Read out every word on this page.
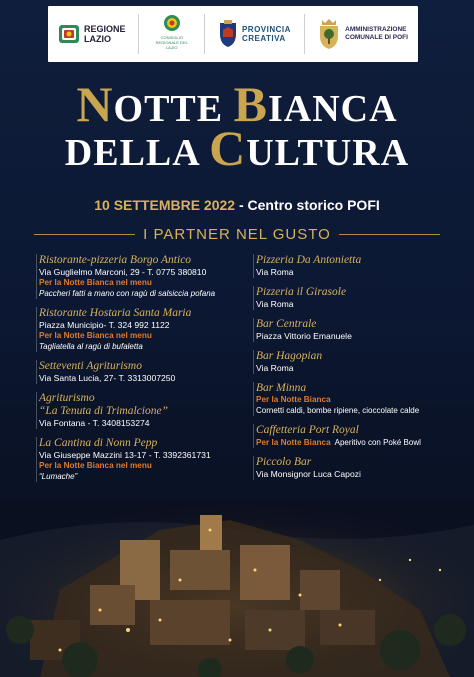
REGIONE
LAZIO	CONSIGLIO REGIONALE DEL LAZIO
PROVINCIA
CREATIVA
AMMINISTRAZIONE
COMUNALE DI POFI
NOTTE BIANCA
DELLA CULTURA
10 SETTEMBRE 2022 - Centro storico POFI
I PARTNER NEL GUSTO
Ristorante-pizzeria Borgo Antico
Via Guglielmo Marconi, 29 - T. 0775 380810
Per la Notte Bianca nel menu
Paccheri fatti a mano con ragù di salsiccia pofana
Ristorante Hostaria Santa Maria
Piazza Municipio- T. 324 992 1122
Per la Notte Bianca nel menu
Tagliatella al ragù di bufaletta
Setteventi Agriturismo
Via Santa Lucia, 27- T. 3313007250
Agriturismo
“La Tenuta di Trimalcione”
Via Fontana - T. 3408153274
La Cantina di Nonn Pepp
Via Giuseppe Mazzini 13-17 - T. 3392361731
Per la Notte Bianca nel menu
“Lumache”
Pizzeria Da Antonietta
Via Roma
Pizzeria il Girasole
Via Roma
Bar Centrale
Piazza Vittorio Emanuele
Bar Hagopian
Via Roma
Bar Minna
Per la Notte Bianca
Cornetti caldi, bombe ripiene, cioccolate calde
Caffetteria Port Royal
Per la Notte Bianca Aperitivo con Poké Bowl
Piccolo Bar
Via Monsignor Luca Capozi
